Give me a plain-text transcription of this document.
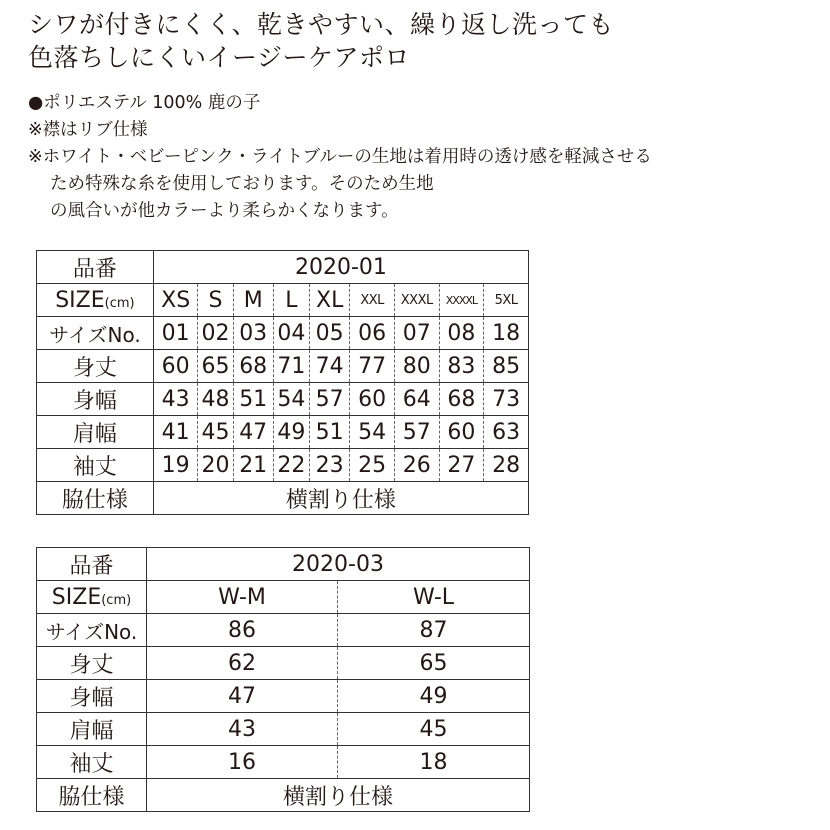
シワが付きにくく、乾きやすい、繰り返し洗っても
色落ちしにくいイージーケアポロ
●ポリエステル 100% 鹿の子
※襟はリブ仕様
※ホワイト・ベビーピンク・ライトブルーの生地は着用時の透け感を軽減させる
ため特殊な糸を使用しております。そのため生地
の風合いが他カラーより柔らかくなります。
品番	2020-01								
SIZE(cm)	XS	S	M	L	XL	XXL	XXXL	XXXXL	5XL
サイズNo.	01	02	03	04	05	06	07	08	18
身丈	60	65	68	71	74	77	80	83	85
身幅	43	48	51	54	57	60	64	68	73
肩幅	41	45	47	49	51	54	57	60	63
袖丈	19	20	21	22	23	25	26	27	28
脇仕様	横割り仕様								
品番	2020-03	
SIZE(cm)	W-M	W-L
サイズNo.	86	87
身丈	62	65
身幅	47	49
肩幅	43	45
袖丈	16	18
脇仕様	横割り仕様	
